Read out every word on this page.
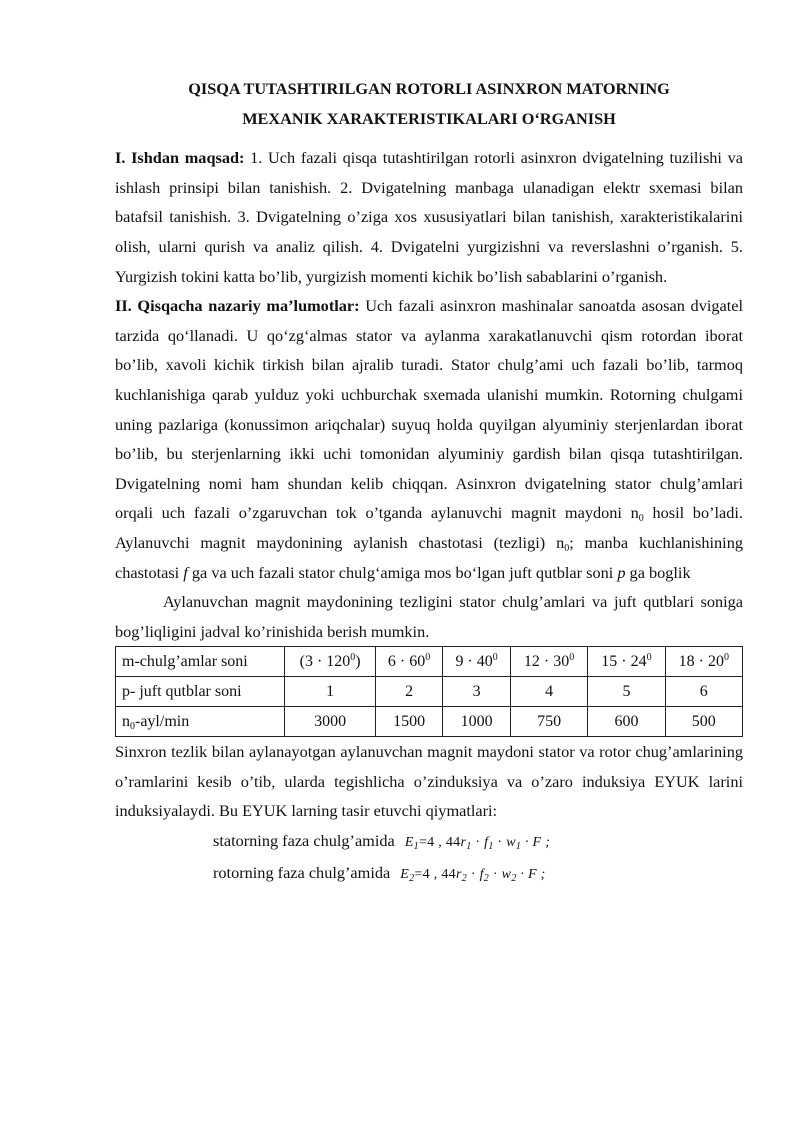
QISQA TUTASHTIRILGAN ROTORLI ASINXRON MATORNING
MEXANIK XARAKTERISTIKALARI O‘RGANISH

I. Ishdan maqsad: 1. Uch fazali qisqa tutashtirilgan rotorli asinxron dvigatelning tuzilishi va ishlash prinsipi bilan tanishish. 2. Dvigatelning manbaga ulanadigan elektr sxemasi bilan batafsil tanishish. 3. Dvigatelning o’ziga xos xususiyatlari bilan tanishish, xarakteristikalarini olish, ularni qurish va analiz qilish. 4. Dvigatelni yurgizishni va reverslashni o’rganish. 5. Yurgizish tokini katta bo’lib, yurgizish momenti kichik bo’lish sabablarini o’rganish.

II. Qisqacha nazariy ma’lumotlar: Uch fazali asinxron mashinalar sanoatda asosan dvigatel tarzida qo‘llanadi. U qo‘zg‘almas stator va aylanma xarakatlanuvchi qism rotordan iborat bo’lib, xavoli kichik tirkish bilan ajralib turadi. Stator chulg’ami uch fazali bo’lib, tarmoq kuchlanishiga qarab yulduz yoki uchburchak sxemada ulanishi mumkin. Rotorning chulgami uning pazlariga (konussimon ariqchalar) suyuq holda quyilgan alyuminiy sterjenlardan iborat bo’lib, bu sterjenlarning ikki uchi tomonidan alyuminiy gardish bilan qisqa tutashtirilgan. Dvigatelning nomi ham shundan kelib chiqqan. Asinxron dvigatelning stator chulg’amlari orqali uch fazali o’zgaruvchan tok o’tganda aylanuvchi magnit maydoni $n_0$ hosil bo’ladi. Aylanuvchi magnit maydonining aylanish chastotasi (tezligi) $n_0$; manba kuchlanishining chastotasi f ga va uch fazali stator chulg‘amiga mos bo‘lgan juft qutblar soni p ga boglik

Aylanuvchan magnit maydonining tezligini stator chulg’amlari va juft qutblari soniga bog’liqligini jadval ko’rinishida berish mumkin.

m-chulg’amlar soni	$(3 \cdot 120^0)$	$6 \cdot 60^0$	$9 \cdot 40^0$	$12 \cdot 30^0$	$15 \cdot 24^0$	$18 \cdot 20^0$
p- juft qutblar soni	1	2	3	4	5	6
$n_0-ayl/\min$	3000	1500	1000	750	600	500

Sinxron tezlik bilan aylanayotgan aylanuvchan magnit maydoni stator va rotor chug’amlarining o’ramlarini kesib o’tib, ularda tegishlicha o’zinduksiya va o’zaro induksiya EYUK larini induksiyalaydi. Bu EYUK larning tasir etuvchi qiymatlari:

statorning faza chulg’amida $E_1=4$ , $44r_1 \cdot f_1 \cdot w_1 \cdot F$ ;
rotorning faza chulg’amida $E_2=4$ , $44r_2 \cdot f_2 \cdot w_2 \cdot F$ ;
